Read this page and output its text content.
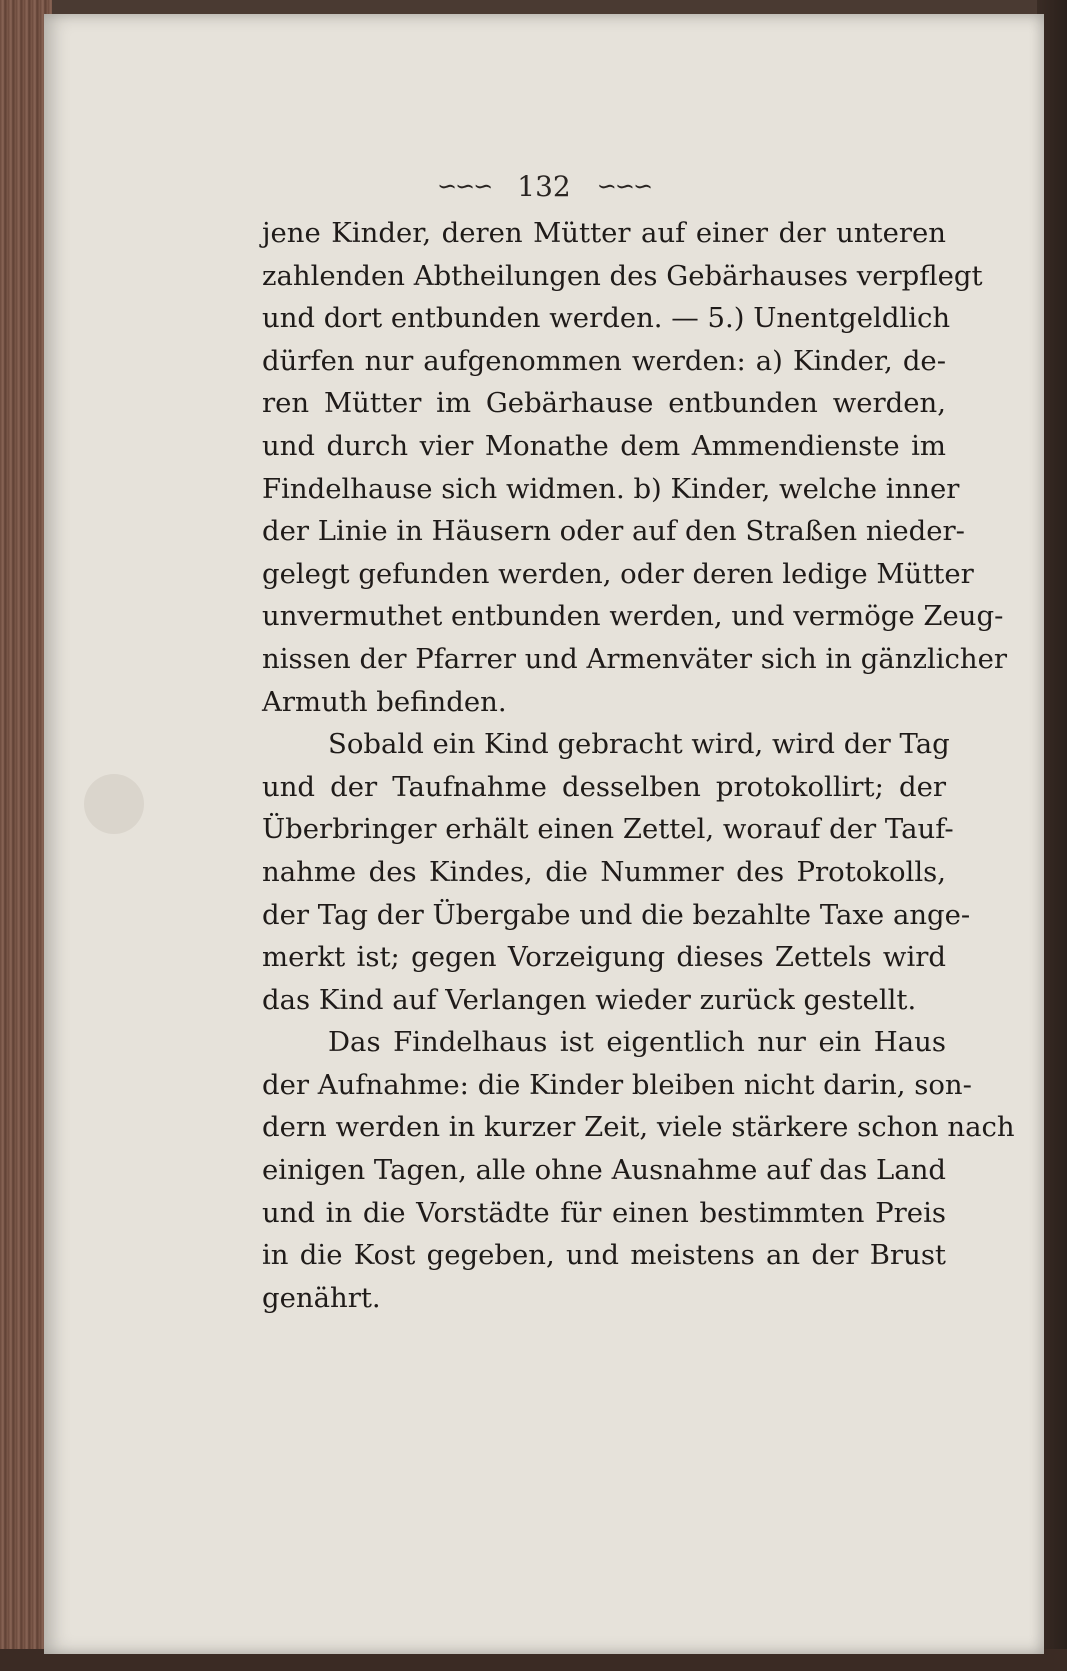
∽∽∽ 132 ∽∽∽
jene Kinder, deren Mütter auf einer der unteren
zahlenden Abtheilungen des Gebärhauses verpflegt
und dort entbunden werden. — 5.) Unentgeldlich
dürfen nur aufgenommen werden: a) Kinder, de-
ren Mütter im Gebärhause entbunden werden,
und durch vier Monathe dem Ammendienste im
Findelhause sich widmen. b) Kinder, welche inner
der Linie in Häusern oder auf den Straßen nieder-
gelegt gefunden werden, oder deren ledige Mütter
unvermuthet entbunden werden, und vermöge Zeug-
nissen der Pfarrer und Armenväter sich in gänzlicher
Armuth befinden.
Sobald ein Kind gebracht wird, wird der Tag
und der Taufnahme desselben protokollirt; der
Überbringer erhält einen Zettel, worauf der Tauf-
nahme des Kindes, die Nummer des Protokolls,
der Tag der Übergabe und die bezahlte Taxe ange-
merkt ist; gegen Vorzeigung dieses Zettels wird
das Kind auf Verlangen wieder zurück gestellt.
Das Findelhaus ist eigentlich nur ein Haus
der Aufnahme: die Kinder bleiben nicht darin, son-
dern werden in kurzer Zeit, viele stärkere schon nach
einigen Tagen, alle ohne Ausnahme auf das Land
und in die Vorstädte für einen bestimmten Preis
in die Kost gegeben, und meistens an der Brust
genährt.
